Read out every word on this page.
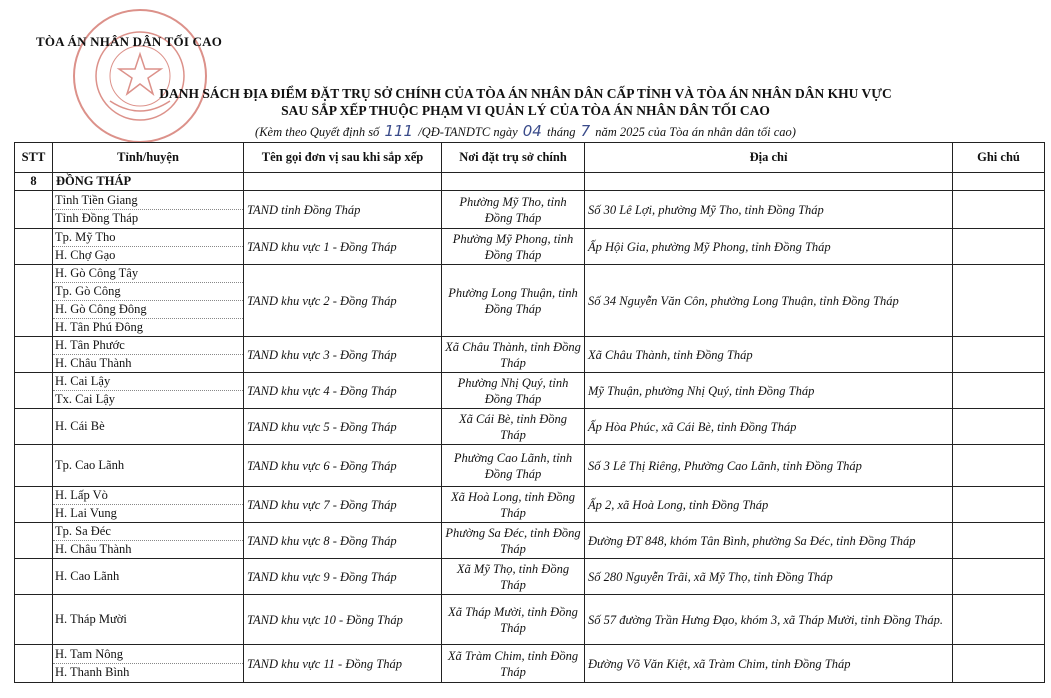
TÒA ÁN NHÂN DÂN TỐI CAO
DANH SÁCH ĐỊA ĐIỂM ĐẶT TRỤ SỞ CHÍNH CỦA TÒA ÁN NHÂN DÂN CẤP TỈNH VÀ TÒA ÁN NHÂN DÂN KHU VỰC
SAU SẮP XẾP THUỘC PHẠM VI QUẢN LÝ CỦA TÒA ÁN NHÂN DÂN TỐI CAO
(Kèm theo Quyết định số 111 /QĐ-TANDTC ngày 04 tháng 7 năm 2025 của Tòa án nhân dân tối cao)
STT	Tỉnh/huyện	Tên gọi đơn vị sau khi sắp xếp	Nơi đặt trụ sở chính	Địa chỉ	Ghi chú
8	ĐỒNG THÁP				

	Tỉnh Tiền Giang
Tỉnh Đồng Tháp	TAND tỉnh Đồng Tháp	Phường Mỹ Tho, tỉnh Đồng Tháp	Số 30 Lê Lợi, phường Mỹ Tho, tỉnh Đồng Tháp	

	Tp. Mỹ Tho
H. Chợ Gạo	TAND khu vực 1 - Đồng Tháp	Phường Mỹ Phong, tỉnh Đồng Tháp	Ấp Hội Gia, phường Mỹ Phong, tỉnh Đồng Tháp	

	H. Gò Công Tây
Tp. Gò Công
H. Gò Công Đông
H. Tân Phú Đông	TAND khu vực 2 - Đồng Tháp	Phường Long Thuận, tỉnh Đồng Tháp	Số 34 Nguyễn Văn Côn, phường Long Thuận, tỉnh Đồng Tháp	

	H. Tân Phước
H. Châu Thành	TAND khu vực 3 - Đồng Tháp	Xã Châu Thành, tỉnh Đồng Tháp	Xã Châu Thành, tỉnh Đồng Tháp	

	H. Cai Lậy
Tx. Cai Lậy	TAND khu vực 4 - Đồng Tháp	Phường Nhị Quý, tỉnh Đồng Tháp	Mỹ Thuận, phường Nhị Quý, tỉnh Đồng Tháp	

	H. Cái Bè	TAND khu vực 5 - Đồng Tháp	Xã Cái Bè, tỉnh Đồng Tháp	Ấp Hòa Phúc, xã Cái Bè, tỉnh Đồng Tháp	

	Tp. Cao Lãnh	TAND khu vực 6 - Đồng Tháp	Phường Cao Lãnh, tỉnh Đồng Tháp	Số 3 Lê Thị Riêng, Phường Cao Lãnh, tỉnh Đồng Tháp	

	H. Lấp Vò
H. Lai Vung	TAND khu vực 7 - Đồng Tháp	Xã Hoà Long, tỉnh Đồng Tháp	Ấp 2, xã Hoà Long, tỉnh Đồng Tháp	

	Tp. Sa Đéc
H. Châu Thành	TAND khu vực 8 - Đồng Tháp	Phường Sa Đéc, tỉnh Đồng Tháp	Đường ĐT 848, khóm Tân Bình, phường Sa Đéc, tỉnh Đồng Tháp	

	H. Cao Lãnh	TAND khu vực 9 - Đồng Tháp	Xã Mỹ Thọ, tỉnh Đồng Tháp	Số 280 Nguyễn Trãi, xã Mỹ Thọ, tỉnh Đồng Tháp	

	H. Tháp Mười	TAND khu vực 10 - Đồng Tháp	Xã Tháp Mười, tỉnh Đồng Tháp	Số 57 đường Trần Hưng Đạo, khóm 3, xã Tháp Mười, tỉnh Đồng Tháp.	

	H. Tam Nông
H. Thanh Bình	TAND khu vực 11 - Đồng Tháp	Xã Tràm Chim, tỉnh Đồng Tháp	Đường Võ Văn Kiệt, xã Tràm Chim, tỉnh Đồng Tháp	
